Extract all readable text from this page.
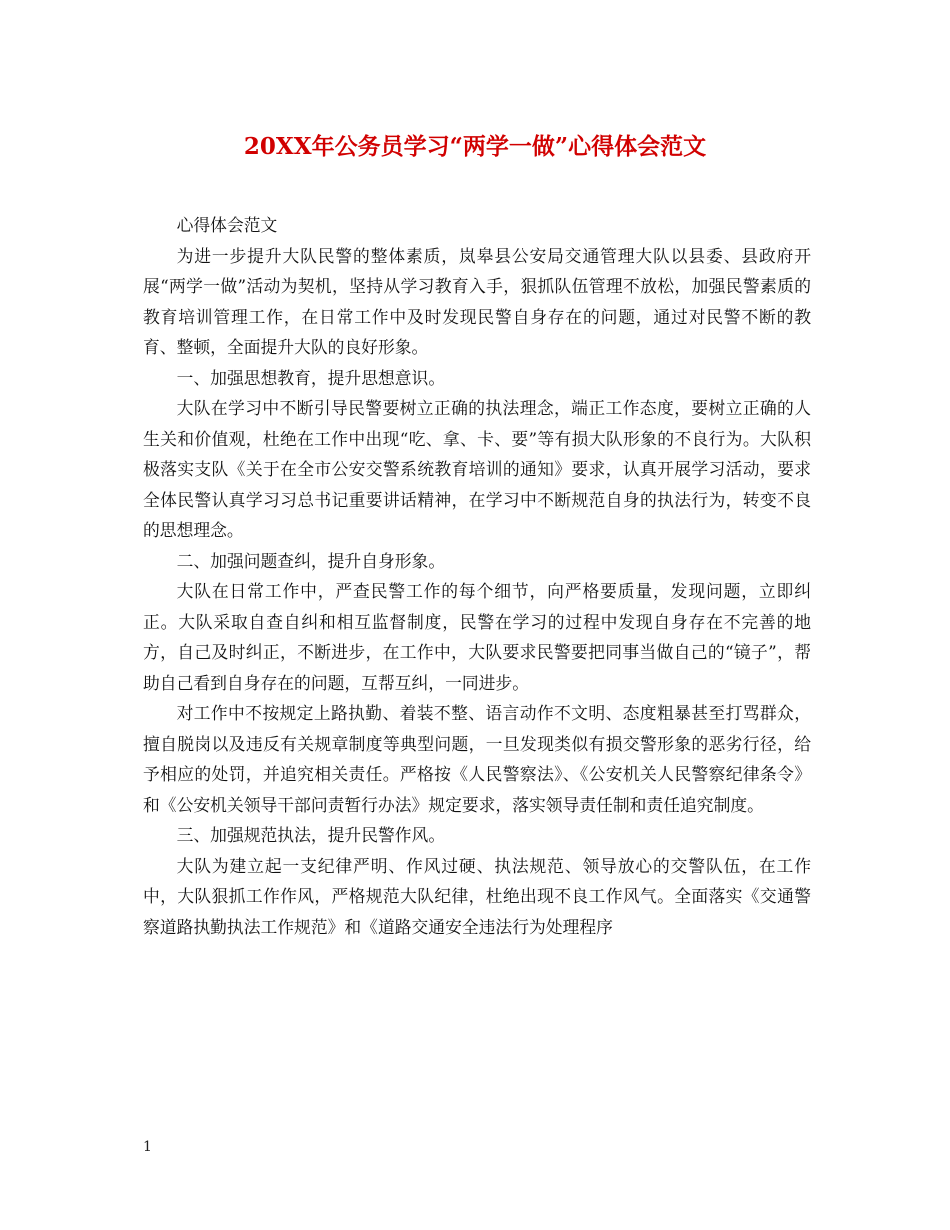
20XX年公务员学习“两学一做”心得体会范文

心得体会范文

为进一步提升大队民警的整体素质，岚皋县公安局交通管理大队以县委、县政府开展“两学一做”活动为契机，坚持从学习教育入手，狠抓队伍管理不放松，加强民警素质的教育培训管理工作，在日常工作中及时发现民警自身存在的问题，通过对民警不断的教育、整顿，全面提升大队的良好形象。

一、加强思想教育，提升思想意识。

大队在学习中不断引导民警要树立正确的执法理念，端正工作态度，要树立正确的人生关和价值观，杜绝在工作中出现“吃、拿、卡、要”等有损大队形象的不良行为。大队积极落实支队《关于在全市公安交警系统教育培训的通知》要求，认真开展学习活动，要求全体民警认真学习习总书记重要讲话精神，在学习中不断规范自身的执法行为，转变不良的思想理念。

二、加强问题查纠，提升自身形象。

大队在日常工作中，严查民警工作的每个细节，向严格要质量，发现问题，立即纠正。大队采取自查自纠和相互监督制度，民警在学习的过程中发现自身存在不完善的地方，自己及时纠正，不断进步，在工作中，大队要求民警要把同事当做自己的“镜子”，帮助自己看到自身存在的问题，互帮互纠，一同进步。

对工作中不按规定上路执勤、着装不整、语言动作不文明、态度粗暴甚至打骂群众，擅自脱岗以及违反有关规章制度等典型问题，一旦发现类似有损交警形象的恶劣行径，给予相应的处罚，并追究相关责任。严格按《人民警察法》、《公安机关人民警察纪律条令》和《公安机关领导干部问责暂行办法》规定要求，落实领导责任制和责任追究制度。

三、加强规范执法，提升民警作风。

大队为建立起一支纪律严明、作风过硬、执法规范、领导放心的交警队伍，在工作中，大队狠抓工作作风，严格规范大队纪律，杜绝出现不良工作风气。全面落实《交通警察道路执勤执法工作规范》和《道路交通安全违法行为处理程序

1
